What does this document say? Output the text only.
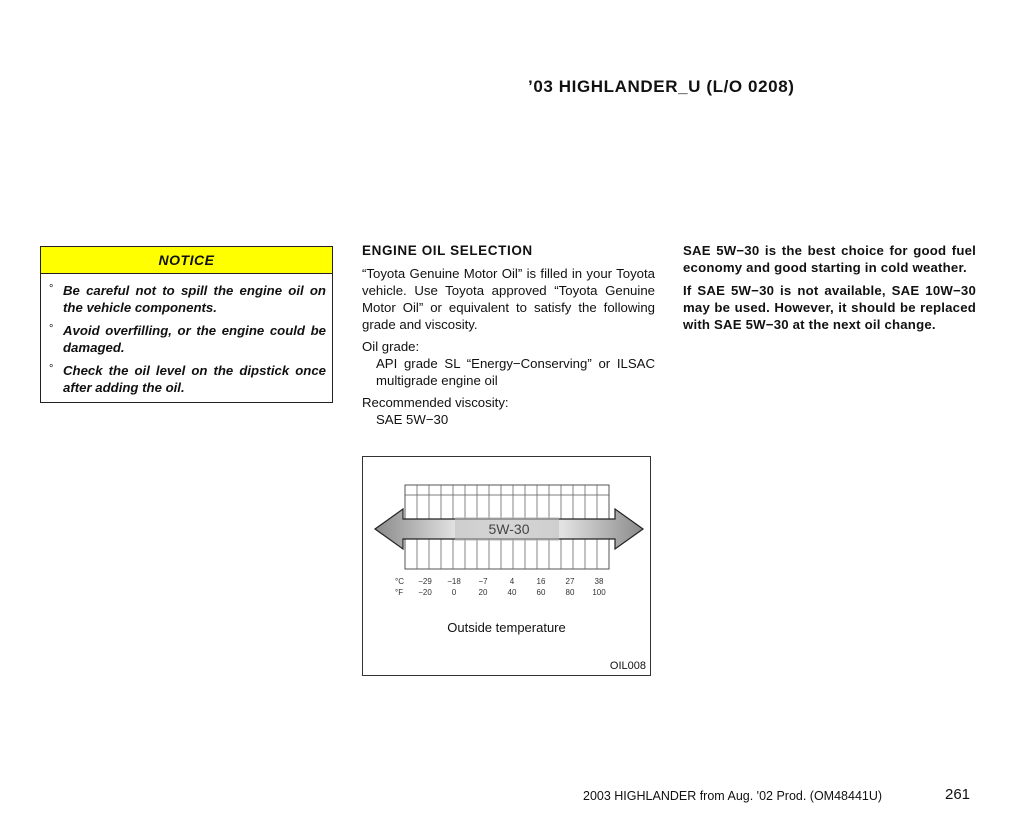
’03 HIGHLANDER_U (L/O 0208)
NOTICE
° Be careful not to spill the engine oil on the vehicle components.
° Avoid overfilling, or the engine could be damaged.
° Check the oil level on the dipstick once after adding the oil.
ENGINE OIL SELECTION
“Toyota Genuine Motor Oil” is filled in your Toyota vehicle. Use Toyota approved “Toyota Genuine Motor Oil” or equivalent to satisfy the following grade and viscosity.
Oil grade:
API grade SL “Energy−Conserving” or ILSAC multigrade engine oil
Recommended viscosity:
SAE 5W−30
SAE 5W−30 is the best choice for good fuel economy and good starting in cold weather.
If SAE 5W−30 is not available, SAE 10W−30 may be used. However, it should be replaced with SAE 5W−30 at the next oil change.
5W-30
°C
°F
−29 −18 −7	4	16	27	38
−20 0	20	40	60	80 100
Outside temperature
OIL008
2003 HIGHLANDER from Aug. '02 Prod. (OM48441U)	261
